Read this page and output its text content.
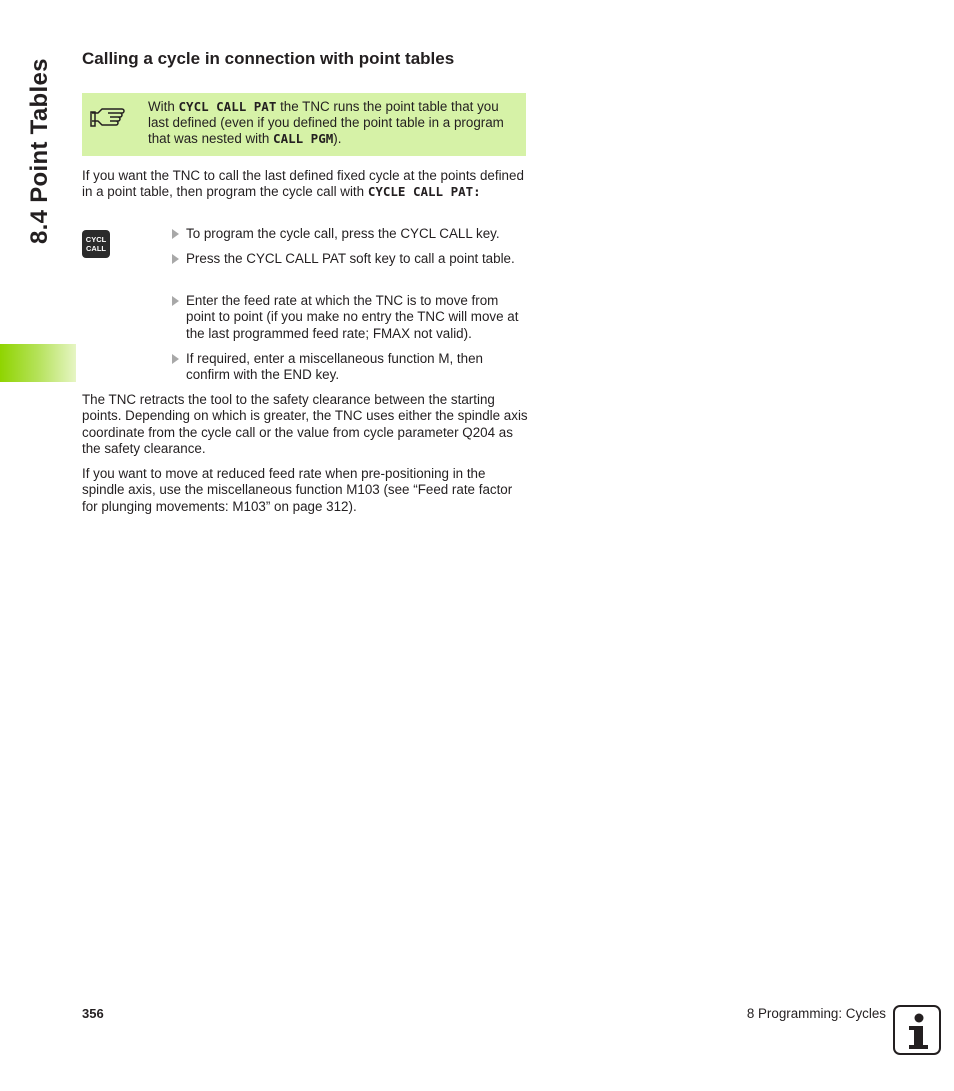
8.4 Point Tables	Calling a cycle in connection with point tables
With CYCL CALL PAT the TNC runs the point table that you last defined (even if you defined the point table in a program that was nested with CALL PGM).

If you want the TNC to call the last defined fixed cycle at the points defined in a point table, then program the cycle call with CYCLE CALL PAT:

CYCL
CALL
To program the cycle call, press the CYCL CALL key.
Press the CYCL CALL PAT soft key to call a point table.
Enter the feed rate at which the TNC is to move from point to point (if you make no entry the TNC will move at the last programmed feed rate; FMAX not valid).
If required, enter a miscellaneous function M, then confirm with the END key.

The TNC retracts the tool to the safety clearance between the starting points. Depending on which is greater, the TNC uses either the spindle axis coordinate from the cycle call or the value from cycle parameter Q204 as the safety clearance.

If you want to move at reduced feed rate when pre-positioning in the spindle axis, use the miscellaneous function M103 (see “Feed rate factor for plunging movements: M103” on page 312).

356	8 Programming: Cycles
